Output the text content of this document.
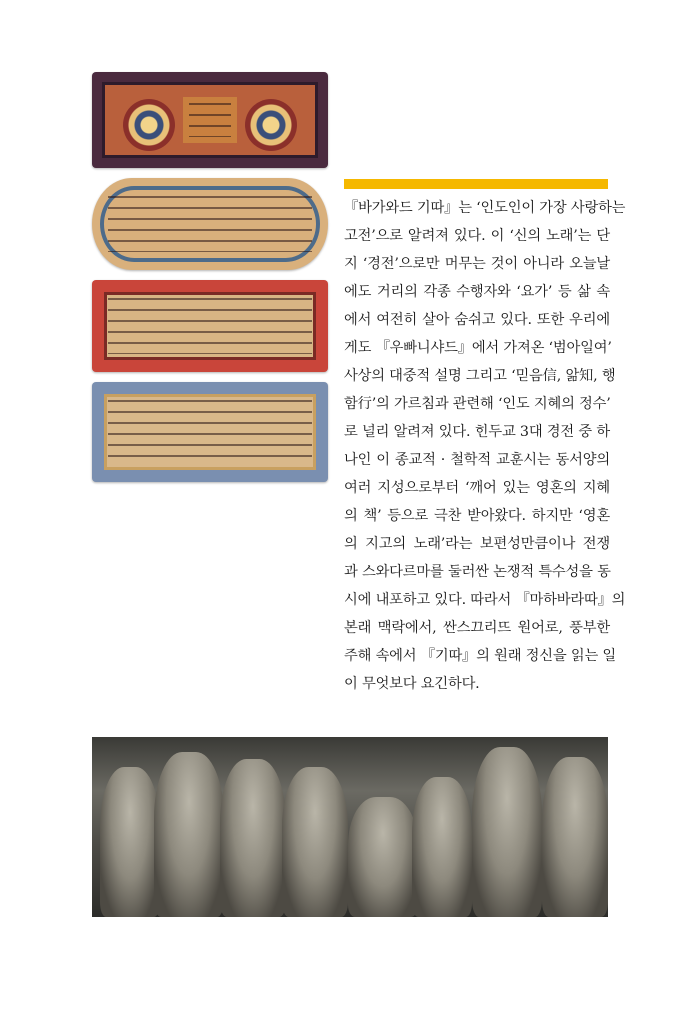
『바가와드 기따』는 ‘인도인이 가장 사랑하는
고전’으로 알려져 있다. 이 ‘신의 노래’는 단
지 ‘경전’으로만 머무는 것이 아니라 오늘날
에도 거리의 각종 수행자와 ‘요가’ 등 삶 속
에서 여전히 살아 숨쉬고 있다. 또한 우리에
게도 『우빠니샤드』에서 가져온 ‘범아일여’
사상의 대중적 설명 그리고 ‘믿음信, 앎知, 행
함行’의 가르침과 관련해 ‘인도 지혜의 정수’
로 널리 알려져 있다. 힌두교 3대 경전 중 하
나인 이 종교적 · 철학적 교훈시는 동서양의
여러 지성으로부터 ‘깨어 있는 영혼의 지혜
의 책’ 등으로 극찬 받아왔다. 하지만 ‘영혼
의 지고의 노래’라는 보편성만큼이나 전쟁
과 스와다르마를 둘러싼 논쟁적 특수성을 동
시에 내포하고 있다. 따라서 『마하바라따』의
본래 맥락에서, 싼스끄리뜨 원어로, 풍부한
주해 속에서 『기따』의 원래 정신을 읽는 일
이 무엇보다 요긴하다.
